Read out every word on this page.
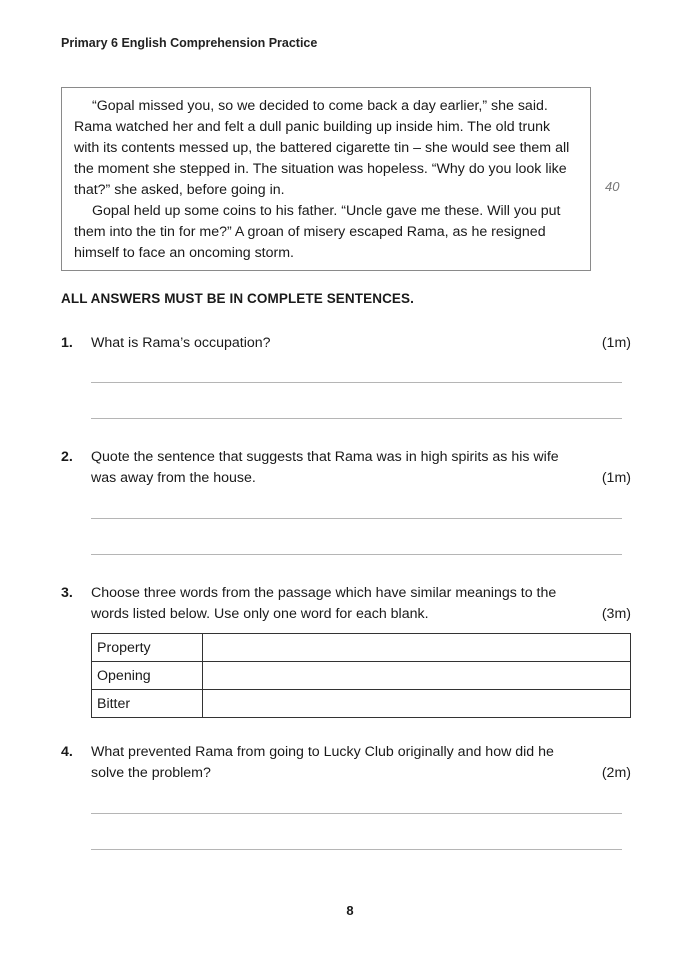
Primary 6 English Comprehension Practice

“Gopal missed you, so we decided to come back a day earlier,” she said. Rama watched her and felt a dull panic building up inside him. The old trunk with its contents messed up, the battered cigarette tin – she would see them all the moment she stepped in. The situation was hopeless. “Why do you look like that?” she asked, before going in.

Gopal held up some coins to his father. “Uncle gave me these. Will you put them into the tin for me?” A groan of misery escaped Rama, as he resigned himself to face an oncoming storm.

40
ALL ANSWERS MUST BE IN COMPLETE SENTENCES.
1. What is Rama’s occupation?	(1m)
2. Quote the sentence that suggests that Rama was in high spirits as his wife was away from the house.	(1m)
3. Choose three words from the passage which have similar meanings to the words listed below. Use only one word for each blank.	(3m)
Property	
Opening	
Bitter	
4. What prevented Rama from going to Lucky Club originally and how did he solve the problem?	(2m)
8
